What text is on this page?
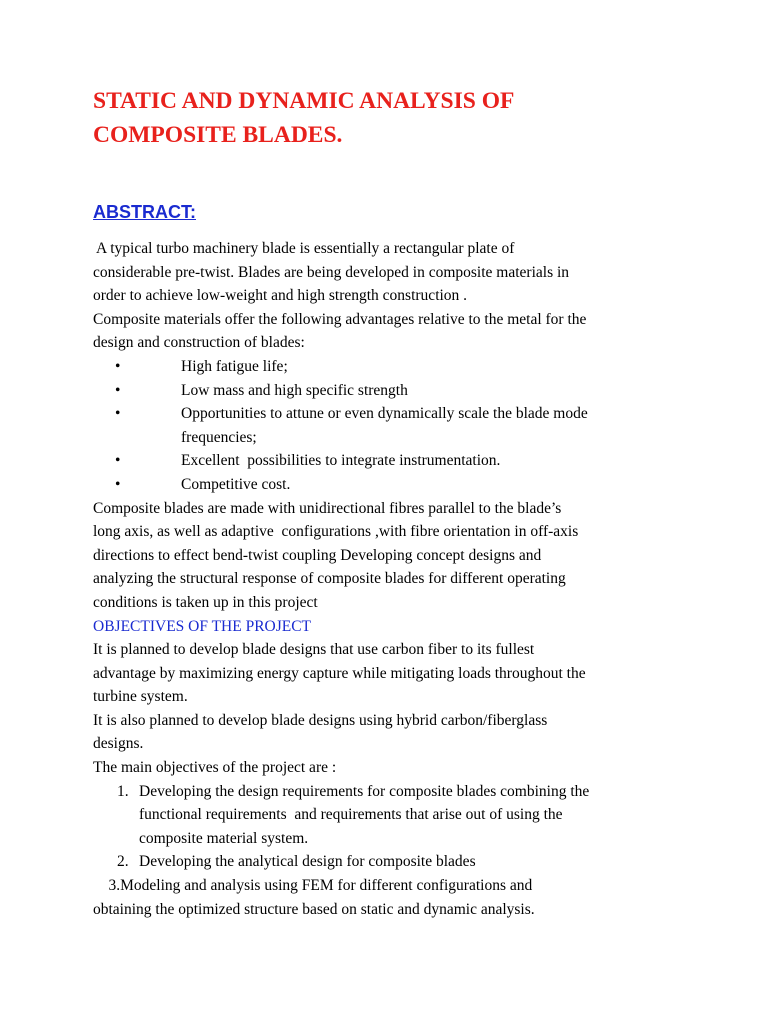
STATIC AND DYNAMIC ANALYSIS OF
COMPOSITE BLADES.
ABSTRACT:
A typical turbo machinery blade is essentially a rectangular plate of
considerable pre-twist. Blades are being developed in composite materials in
order to achieve low-weight and high strength construction .
Composite materials offer the following advantages relative to the metal for the
design and construction of blades:
•	High fatigue life;
•	Low mass and high specific strength
•	Opportunities to attune or even dynamically scale the blade mode
frequencies;
•	Excellent  possibilities to integrate instrumentation.
•	Competitive cost.
Composite blades are made with unidirectional fibres parallel to the blade’s
long axis, as well as adaptive  configurations ,with fibre orientation in off-axis
directions to effect bend-twist coupling Developing concept designs and
analyzing the structural response of composite blades for different operating
conditions is taken up in this project
OBJECTIVES OF THE PROJECT
It is planned to develop blade designs that use carbon fiber to its fullest
advantage by maximizing energy capture while mitigating loads throughout the
turbine system.
It is also planned to develop blade designs using hybrid carbon/fiberglass
designs.
The main objectives of the project are :
1. Developing the design requirements for composite blades combining the
functional requirements  and requirements that arise out of using the
composite material system.
2. Developing the analytical design for composite blades
3.Modeling and analysis using FEM for different configurations and
obtaining the optimized structure based on static and dynamic analysis.
